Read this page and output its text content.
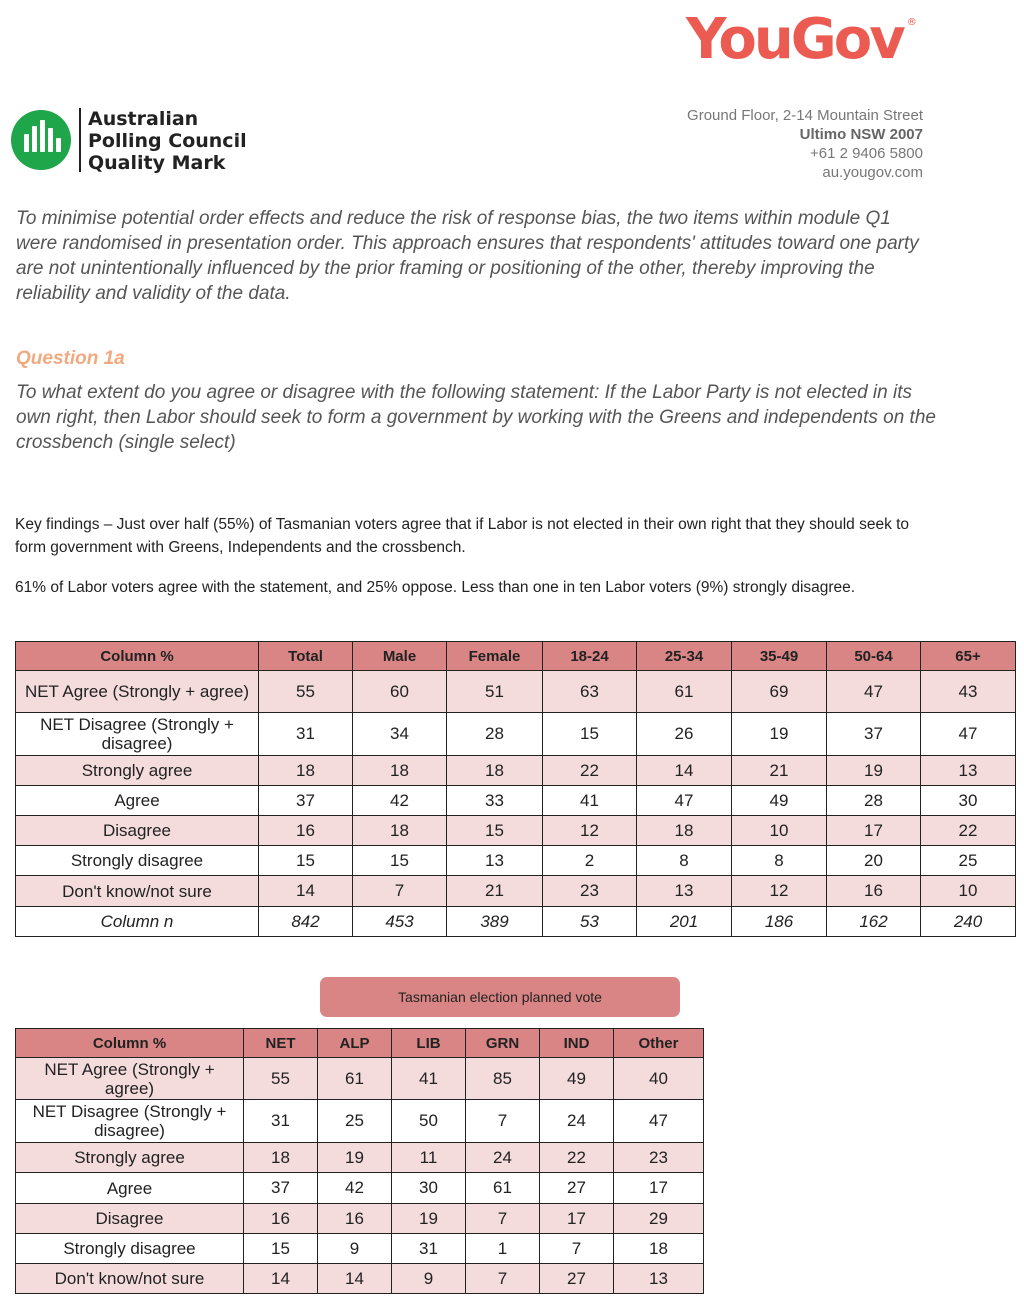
YouGov ®
Australian
Polling Council
Quality Mark
Ground Floor, 2-14 Mountain Street
Ultimo NSW 2007
+61 2 9406 5800
au.yougov.com

To minimise potential order effects and reduce the risk of response bias, the two items within module Q1 were randomised in presentation order. This approach ensures that respondents' attitudes toward one party are not unintentionally influenced by the prior framing or positioning of the other, thereby improving the reliability and validity of the data.

Question 1a

To what extent do you agree or disagree with the following statement: If the Labor Party is not elected in its own right, then Labor should seek to form a government by working with the Greens and independents on the crossbench (single select)

Key findings – Just over half (55%) of Tasmanian voters agree that if Labor is not elected in their own right that they should seek to form government with Greens, Independents and the crossbench.

61% of Labor voters agree with the statement, and 25% oppose. Less than one in ten Labor voters (9%) strongly disagree.

Column %	Total	Male	Female	18-24	25-34	35-49	50-64	65+
NET Agree (Strongly + agree)	55	60	51	63	61	69	47	43
NET Disagree (Strongly + disagree)	31	34	28	15	26	19	37	47
Strongly agree	18	18	18	22	14	21	19	13
Agree	37	42	33	41	47	49	28	30
Disagree	16	18	15	12	18	10	17	22
Strongly disagree	15	15	13	2	8	8	20	25
Don't know/not sure	14	7	21	23	13	12	16	10
Column n	842	453	389	53	201	186	162	240
Tasmanian election planned vote
Column %	NET	ALP	LIB	GRN	IND	Other
NET Agree (Strongly + agree)	55	61	41	85	49	40
NET Disagree (Strongly + disagree)	31	25	50	7	24	47
Strongly agree	18	19	11	24	22	23
Agree	37	42	30	61	27	17
Disagree	16	16	19	7	17	29
Strongly disagree	15	9	31	1	7	18
Don't know/not sure	14	14	9	7	27	13
